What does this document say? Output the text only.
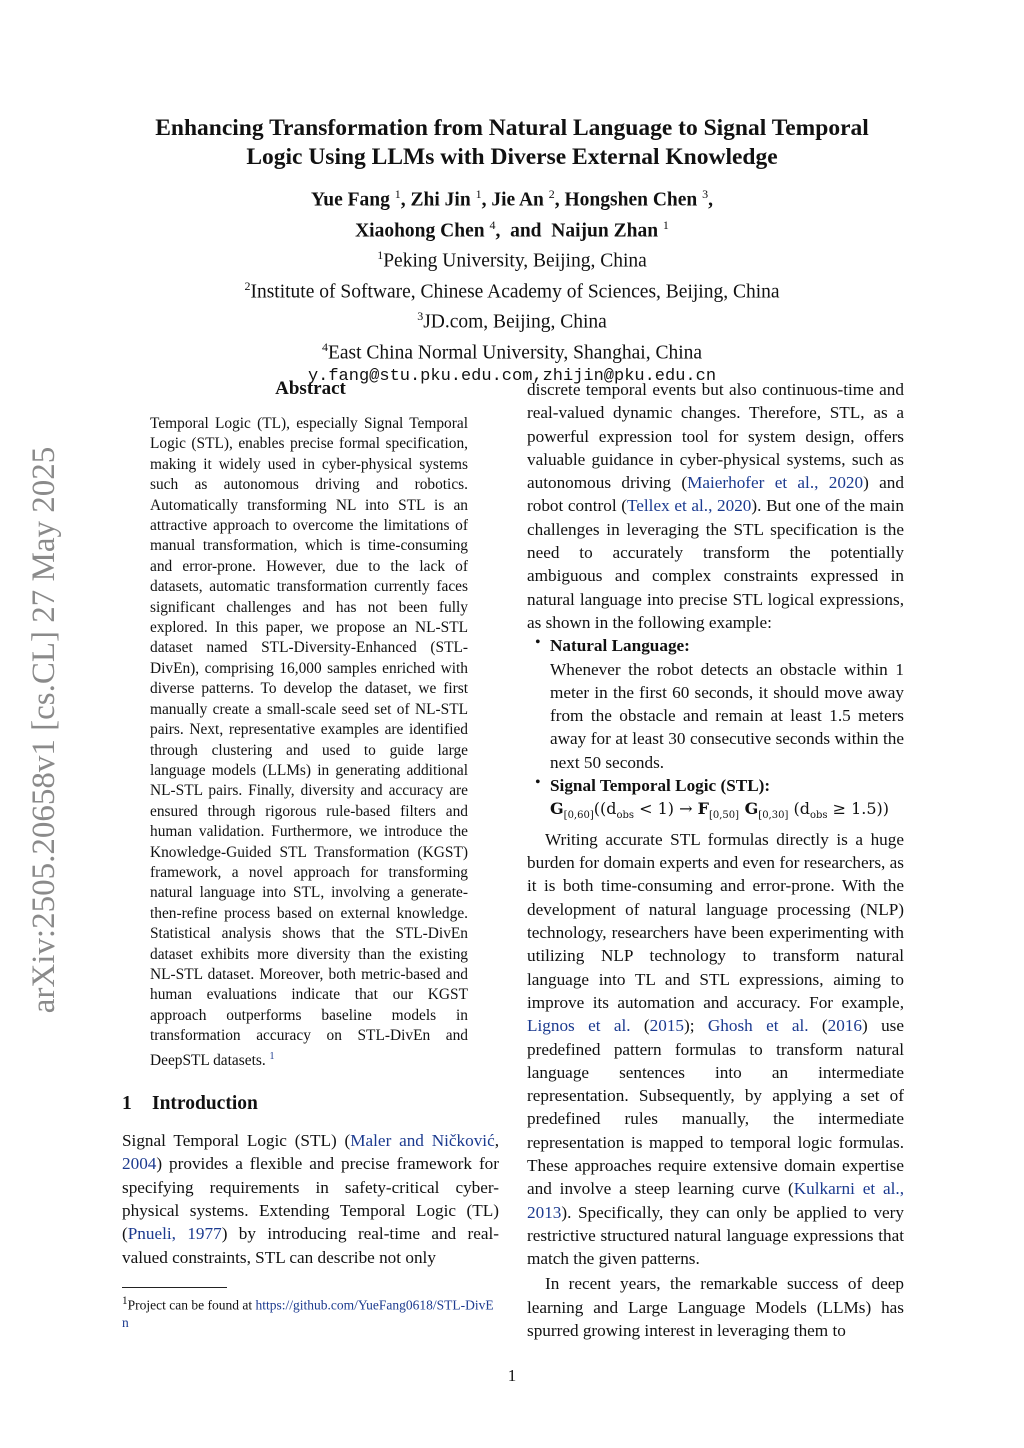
arXiv:2505.20658v1 [cs.CL] 27 May 2025
Enhancing Transformation from Natural Language to Signal Temporal
Logic Using LLMs with Diverse External Knowledge
Yue Fang $^1$, Zhi Jin $^1$, Jie An $^2$, Hongshen Chen $^3$,
Xiaohong Chen $^4$, and Naijun Zhan $^1$
$^1$Peking University, Beijing, China
$^2$Institute of Software, Chinese Academy of Sciences, Beijing, China
$^3$JD.com, Beijing, China
$^4$East China Normal University, Shanghai, China
y.fang@stu.pku.edu.com,zhijin@pku.edu.cn
Abstract

Temporal Logic (TL), especially Signal Temporal Logic (STL), enables precise formal specification, making it widely used in cyber-physical systems such as autonomous driving and robotics. Automatically transforming NL into STL is an attractive approach to overcome the limitations of manual transformation, which is time-consuming and error-prone. However, due to the lack of datasets, automatic transformation currently faces significant challenges and has not been fully explored. In this paper, we propose an NL-STL dataset named STL-Diversity-Enhanced (STL-DivEn), comprising 16,000 samples enriched with diverse patterns. To develop the dataset, we first manually create a small-scale seed set of NL-STL pairs. Next, representative examples are identified through clustering and used to guide large language models (LLMs) in generating additional NL-STL pairs. Finally, diversity and accuracy are ensured through rigorous rule-based filters and human validation. Furthermore, we introduce the Knowledge-Guided STL Transformation (KGST) framework, a novel approach for transforming natural language into STL, involving a generate-then-refine process based on external knowledge. Statistical analysis shows that the STL-DivEn dataset exhibits more diversity than the existing NL-STL dataset. Moreover, both metric-based and human evaluations indicate that our KGST approach outperforms baseline models in transformation accuracy on STL-DivEn and DeepSTL datasets. $^1$

1 Introduction

Signal Temporal Logic (STL) (Maler and Ničković, 2004) provides a flexible and precise framework for specifying requirements in safety-critical cyber-physical systems. Extending Temporal Logic (TL) (Pnueli, 1977) by introducing real-time and real-valued constraints, STL can describe not only

$^1$Project can be found at https://github.com/YueFang0618/STL-DivEn

discrete temporal events but also continuous-time and real-valued dynamic changes. Therefore, STL, as a powerful expression tool for system design, offers valuable guidance in cyber-physical systems, such as autonomous driving (Maierhofer et al., 2020) and robot control (Tellex et al., 2020). But one of the main challenges in leveraging the STL specification is the need to accurately transform the potentially ambiguous and complex constraints expressed in natural language into precise STL logical expressions, as shown in the following example:

• Natural Language:
Whenever the robot detects an obstacle within 1 meter in the first 60 seconds, it should move away from the obstacle and remain at least 1.5 meters away for at least 30 consecutive seconds within the next 50 seconds.
• Signal Temporal Logic (STL):
$G_{[0,60]}((d_{obs} < 1) \to F_{[0,50]}$ $G_{[0,30]}$ $(d_{obs} \ge 1.5)$)

Writing accurate STL formulas directly is a huge burden for domain experts and even for researchers, as it is both time-consuming and error-prone. With the development of natural language processing (NLP) technology, researchers have been experimenting with utilizing NLP technology to transform natural language into TL and STL expressions, aiming to improve its automation and accuracy. For example, Lignos et al. (2015); Ghosh et al. (2016) use predefined pattern formulas to transform natural language sentences into an intermediate representation. Subsequently, by applying a set of predefined rules manually, the intermediate representation is mapped to temporal logic formulas. These approaches require extensive domain expertise and involve a steep learning curve (Kulkarni et al., 2013). Specifically, they can only be applied to very restrictive structured natural language expressions that match the given patterns.

In recent years, the remarkable success of deep learning and Large Language Models (LLMs) has spurred growing interest in leveraging them to

1
